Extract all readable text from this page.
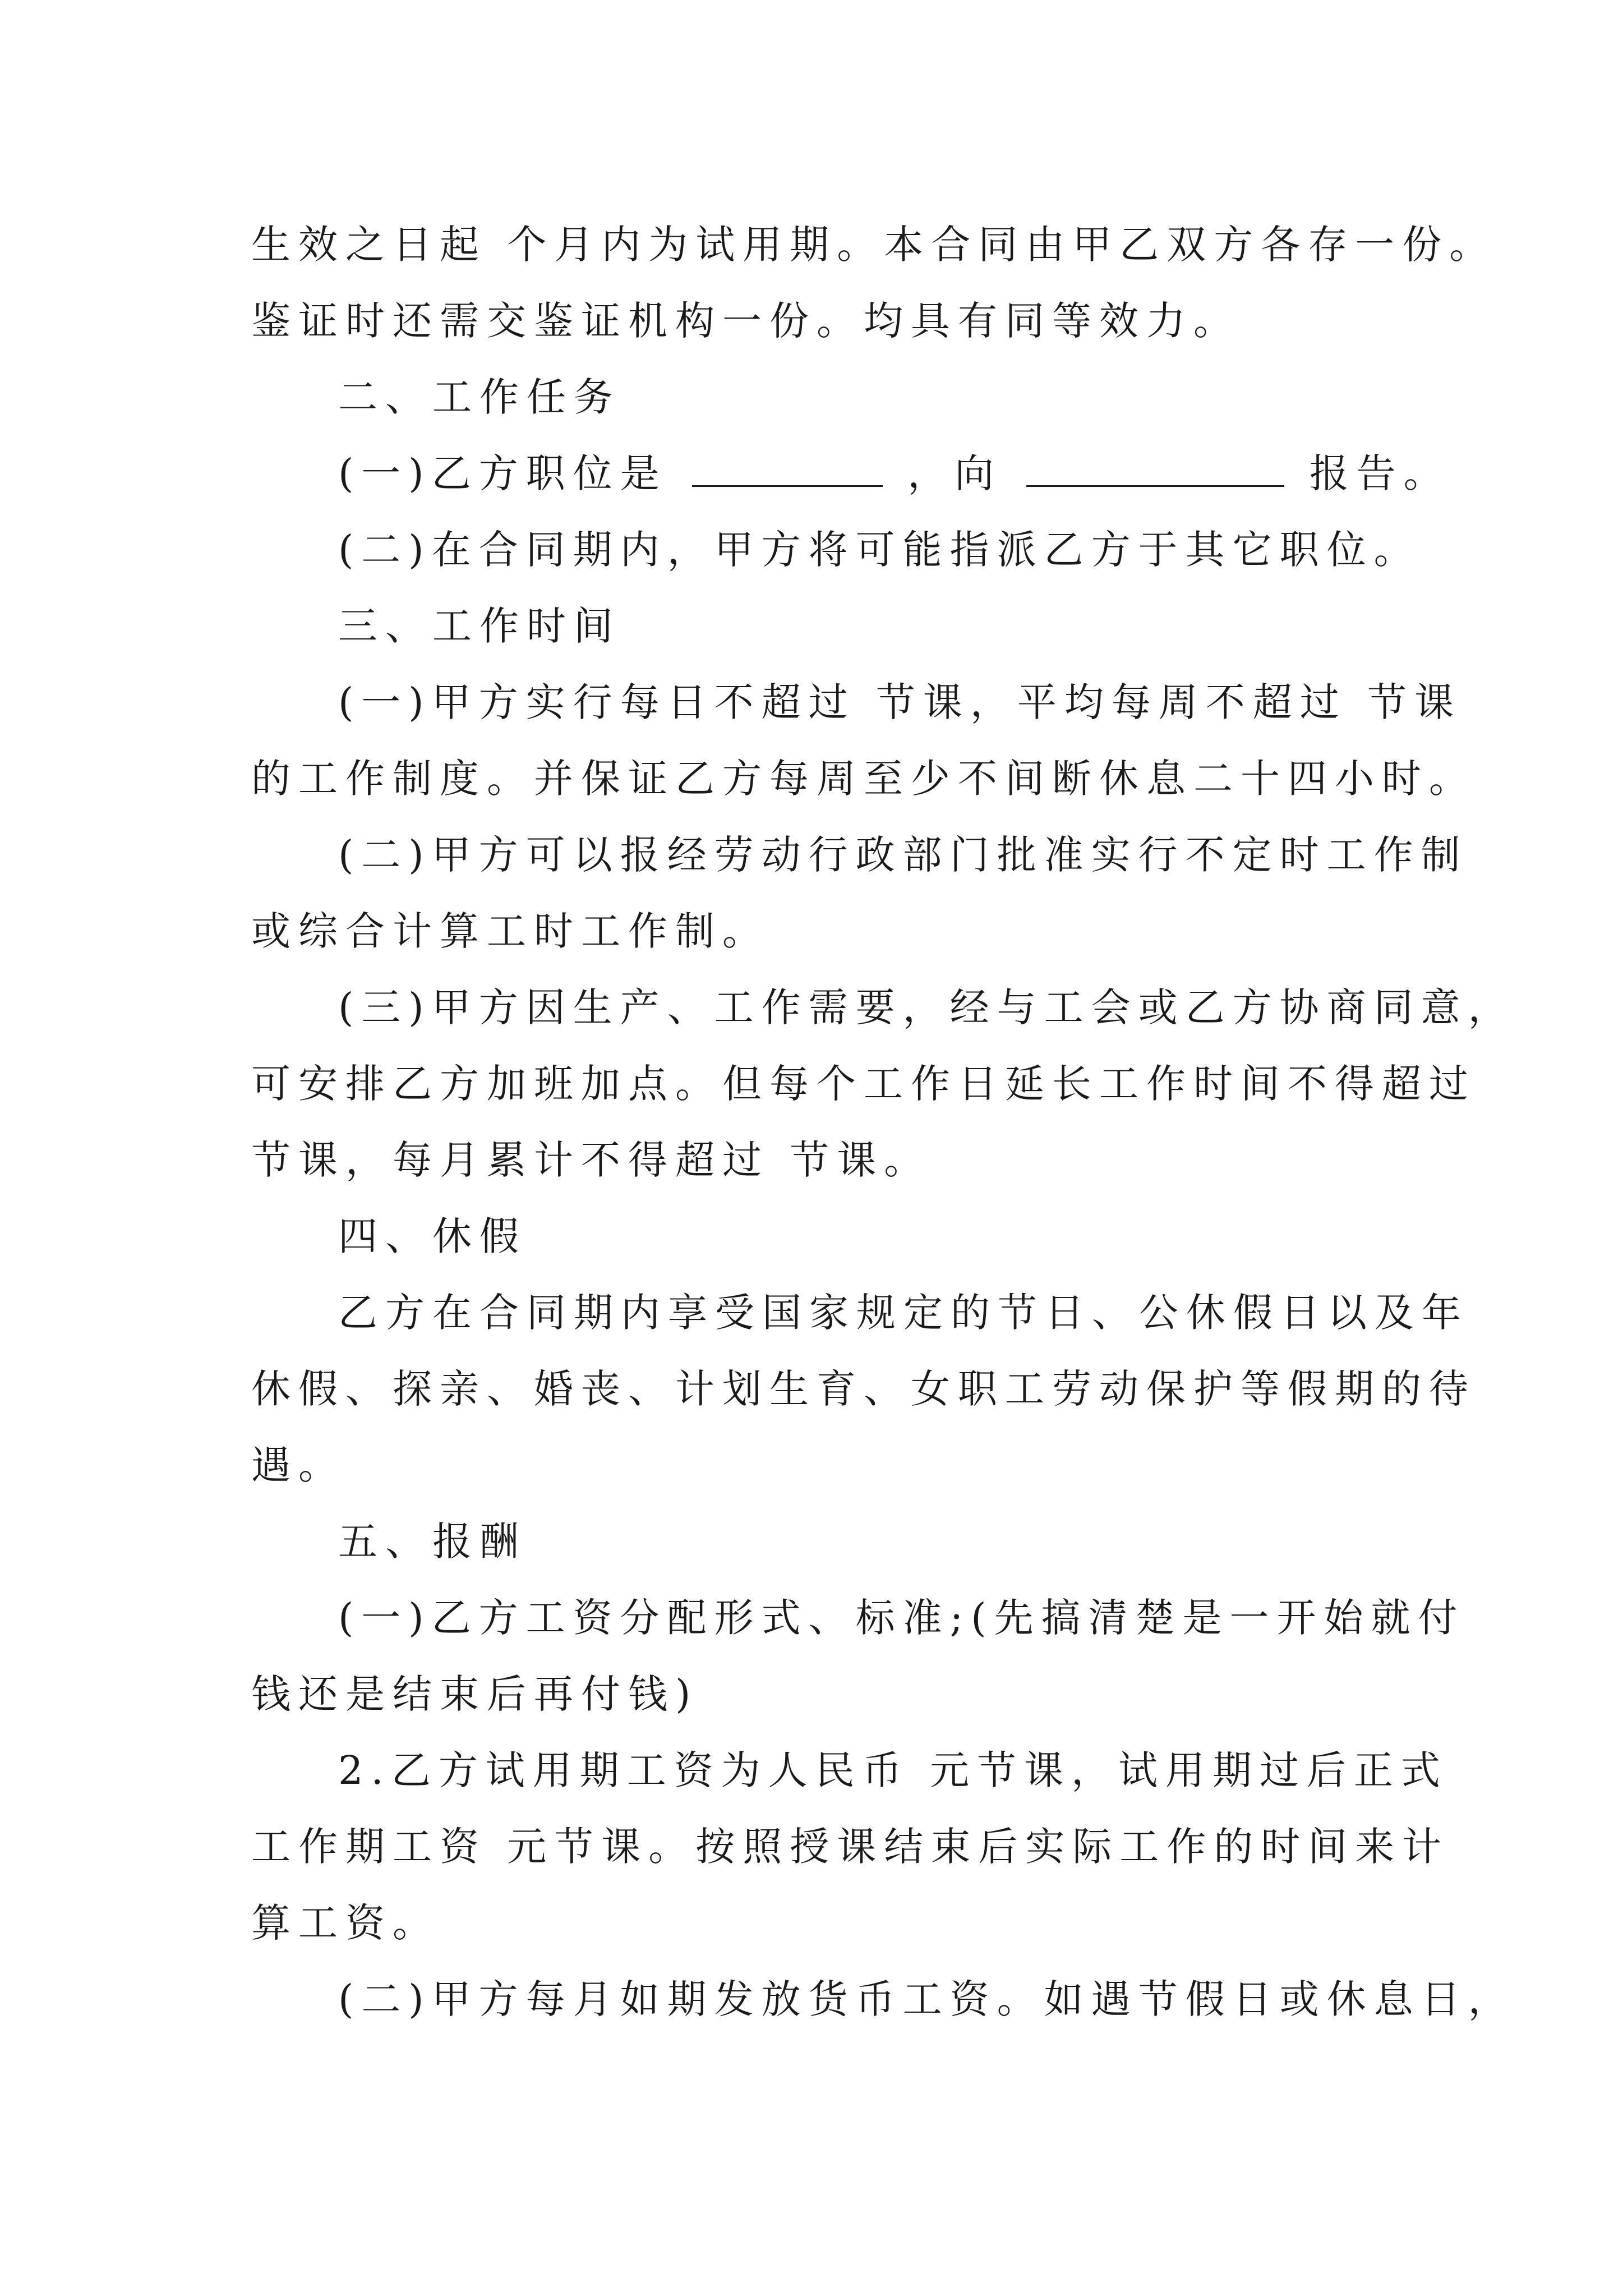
生效之日起 个月内为试用期。本合同由甲乙双方各存一份。
鉴证时还需交鉴证机构一份。均具有同等效力。
二、工作任务
(一)乙方职位是	，向	报告。
(二)在合同期内，甲方将可能指派乙方于其它职位。
三、工作时间
(一)甲方实行每日不超过 节课，平均每周不超过 节课
的工作制度。并保证乙方每周至少不间断休息二十四小时。
(二)甲方可以报经劳动行政部门批准实行不定时工作制
或综合计算工时工作制。
(三)甲方因生产、工作需要，经与工会或乙方协商同意，
可安排乙方加班加点。但每个工作日延长工作时间不得超过
节课，每月累计不得超过 节课。
四、休假
乙方在合同期内享受国家规定的节日、公休假日以及年
休假、探亲、婚丧、计划生育、女职工劳动保护等假期的待
遇。
五、报酬
(一)乙方工资分配形式、标准;(先搞清楚是一开始就付
钱还是结束后再付钱)
2.乙方试用期工资为人民币 元节课，试用期过后正式
工作期工资 元节课。按照授课结束后实际工作的时间来计
算工资。
(二)甲方每月如期发放货币工资。如遇节假日或休息日，
